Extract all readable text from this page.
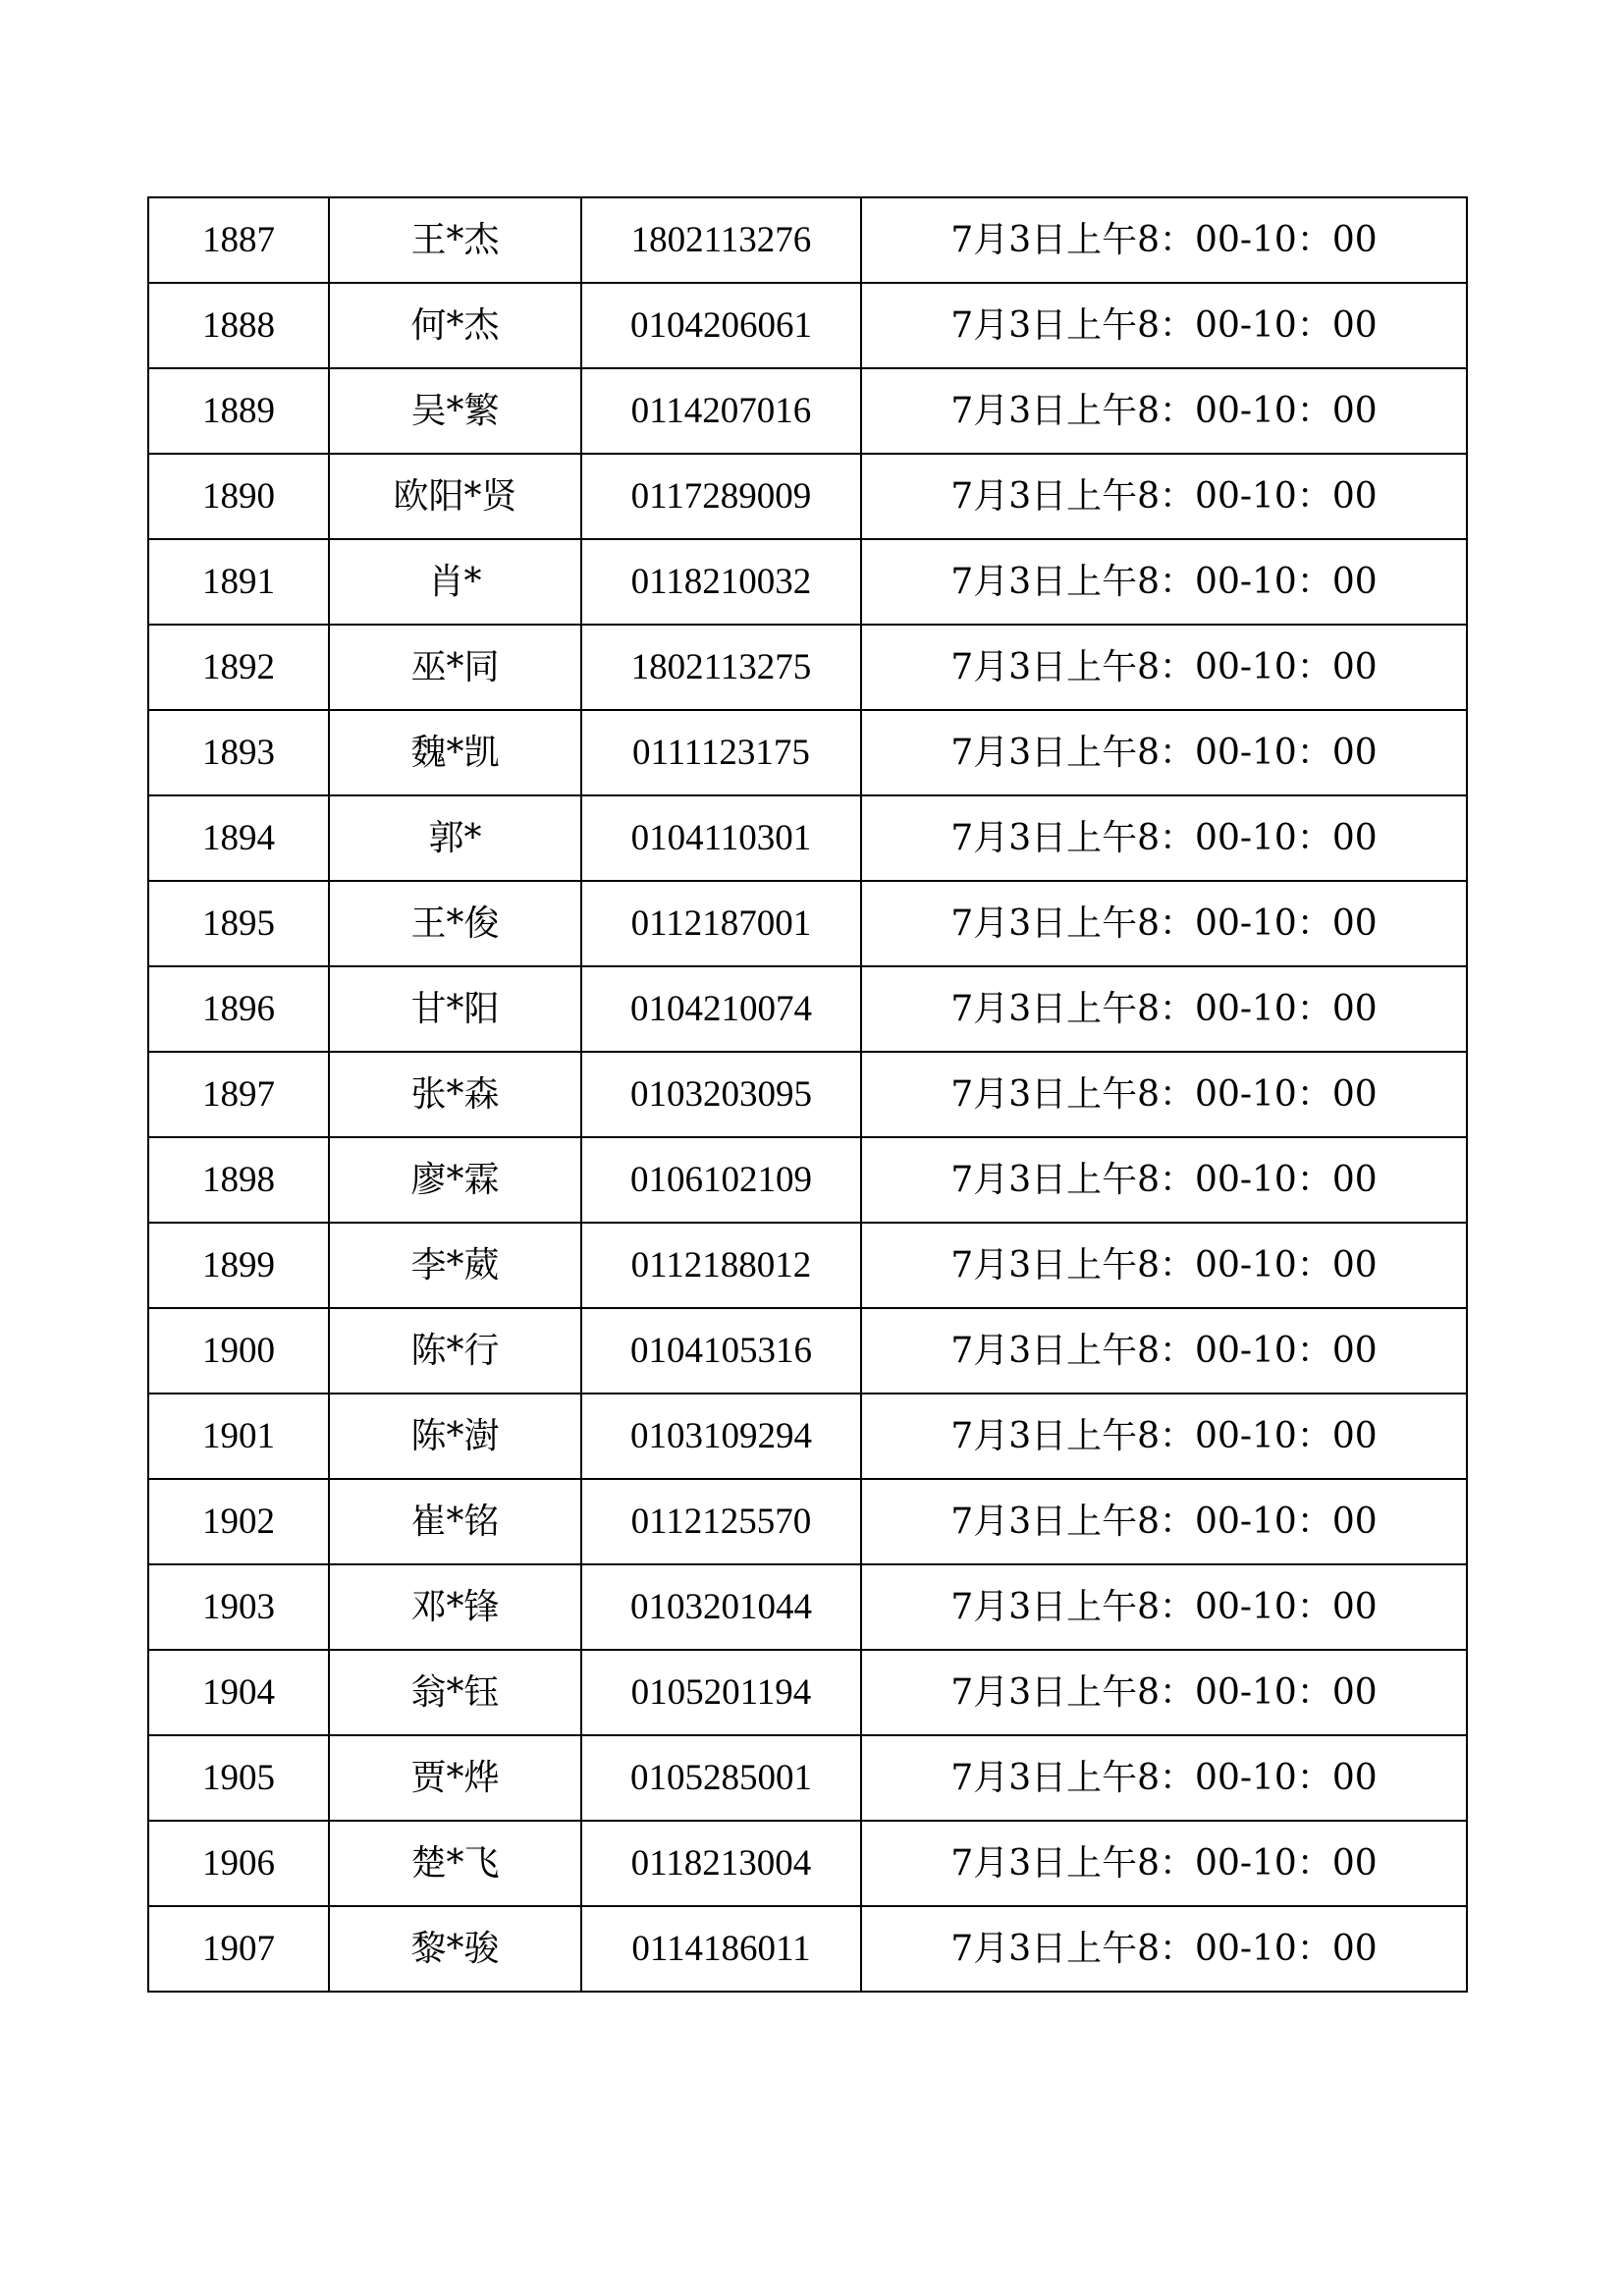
1887	王*杰	1802113276	7月3日上午8：00-10：00
1888	何*杰	0104206061	7月3日上午8：00-10：00
1889	吴*繁	0114207016	7月3日上午8：00-10：00
1890	欧阳*贤	0117289009	7月3日上午8：00-10：00
1891	肖*	0118210032	7月3日上午8：00-10：00
1892	巫*同	1802113275	7月3日上午8：00-10：00
1893	魏*凯	0111123175	7月3日上午8：00-10：00
1894	郭*	0104110301	7月3日上午8：00-10：00
1895	王*俊	0112187001	7月3日上午8：00-10：00
1896	甘*阳	0104210074	7月3日上午8：00-10：00
1897	张*森	0103203095	7月3日上午8：00-10：00
1898	廖*霖	0106102109	7月3日上午8：00-10：00
1899	李*葳	0112188012	7月3日上午8：00-10：00
1900	陈*行	0104105316	7月3日上午8：00-10：00
1901	陈*澍	0103109294	7月3日上午8：00-10：00
1902	崔*铭	0112125570	7月3日上午8：00-10：00
1903	邓*锋	0103201044	7月3日上午8：00-10：00
1904	翁*钰	0105201194	7月3日上午8：00-10：00
1905	贾*烨	0105285001	7月3日上午8：00-10：00
1906	楚*飞	0118213004	7月3日上午8：00-10：00
1907	黎*骏	0114186011	7月3日上午8：00-10：00
